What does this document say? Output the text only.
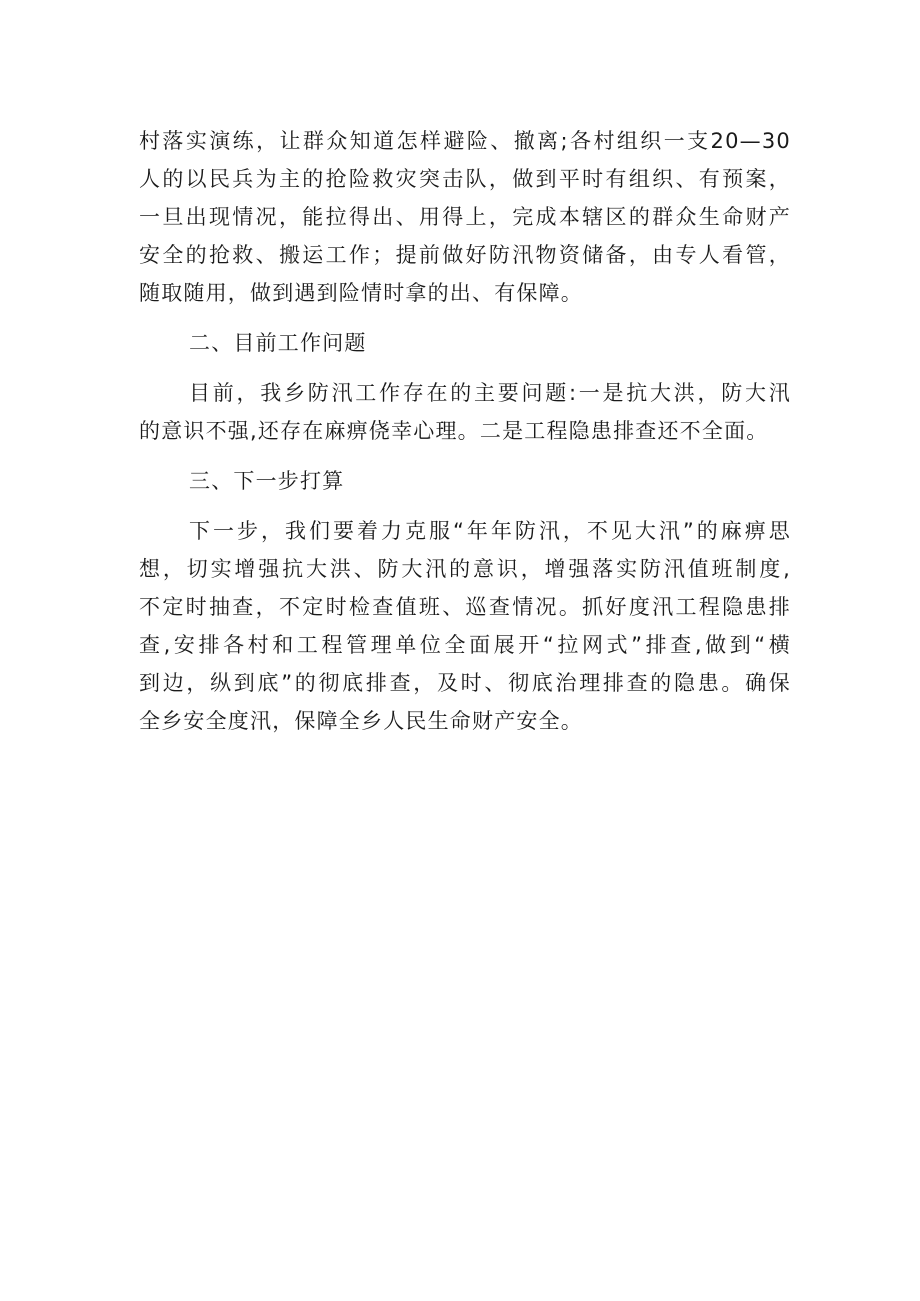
村落实演练，让群众知道怎样避险、撤离;各村组织一支20—30
人的以民兵为主的抢险救灾突击队，做到平时有组织、有预案，
一旦出现情况，能拉得出、用得上，完成本辖区的群众生命财产
安全的抢救、搬运工作；提前做好防汛物资储备，由专人看管，
随取随用，做到遇到险情时拿的出、有保障。
二、目前工作问题
目前，我乡防汛工作存在的主要问题:一是抗大洪，防大汛
的意识不强,还存在麻痹侥幸心理。二是工程隐患排查还不全面。
三、下一步打算
下一步，我们要着力克服“年年防汛，不见大汛”的麻痹思
想，切实增强抗大洪、防大汛的意识，增强落实防汛值班制度,
不定时抽查，不定时检查值班、巡查情况。抓好度汛工程隐患排
查,安排各村和工程管理单位全面展开“拉网式”排查,做到“横
到边，纵到底”的彻底排查，及时、彻底治理排查的隐患。确保
全乡安全度汛，保障全乡人民生命财产安全。
